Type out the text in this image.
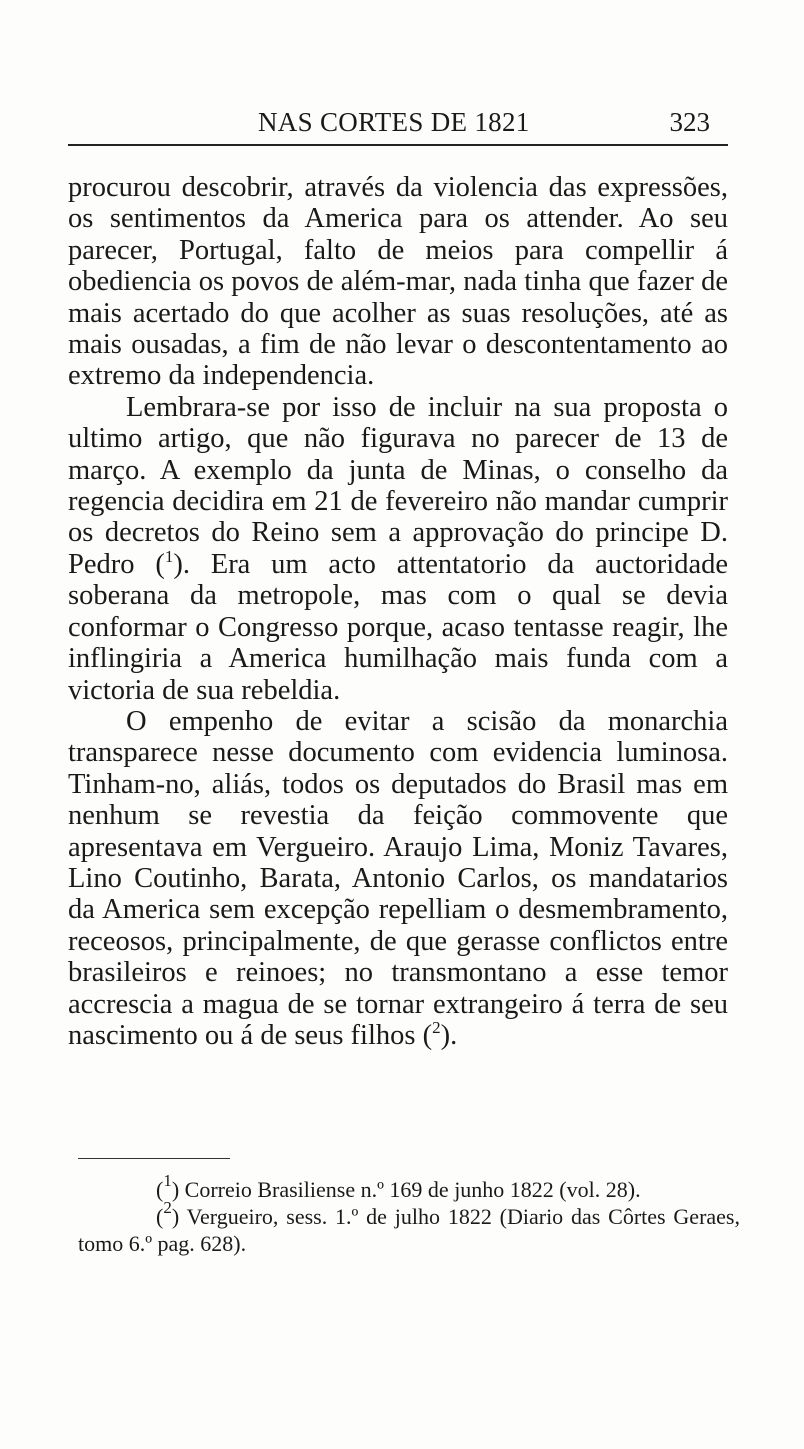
NAS CORTES DE 1821	323

procurou descobrir, através da violencia das expressões, os sentimentos da America para os attender. Ao seu parecer, Portugal, falto de meios para compellir á obediencia os povos de além-mar, nada tinha que fazer de mais acertado do que acolher as suas resoluções, até as mais ousadas, a fim de não levar o descontentamento ao extremo da independencia.

Lembrara-se por isso de incluir na sua proposta o ultimo artigo, que não figurava no parecer de 13 de março. A exemplo da junta de Minas, o conselho da regencia decidira em 21 de fevereiro não mandar cumprir os decretos do Reino sem a approvação do principe D. Pedro ($^1$). Era um acto attentatorio da auctoridade soberana da metropole, mas com o qual se devia conformar o Congresso porque, acaso tentasse reagir, lhe inflingiria a America humilhação mais funda com a victoria de sua rebeldia.

O empenho de evitar a scisão da monarchia transparece nesse documento com evidencia luminosa. Tinham-no, aliás, todos os deputados do Brasil mas em nenhum se revestia da feição commovente que apresentava em Vergueiro. Araujo Lima, Moniz Tavares, Lino Coutinho, Barata, Antonio Carlos, os mandatarios da America sem excepção repelliam o desmembramento, receosos, principalmente, de que gerasse conflictos entre brasileiros e reinoes; no transmontano a esse temor accrescia a magua de se tornar extrangeiro á terra de seu nascimento ou á de seus filhos ($^2$).

($^1$) Correio Brasiliense n.º 169 de junho 1822 (vol. 28).

($^2$) Vergueiro, sess. 1.º de julho 1822 (Diario das Côrtes Geraes, tomo 6.º pag. 628).
